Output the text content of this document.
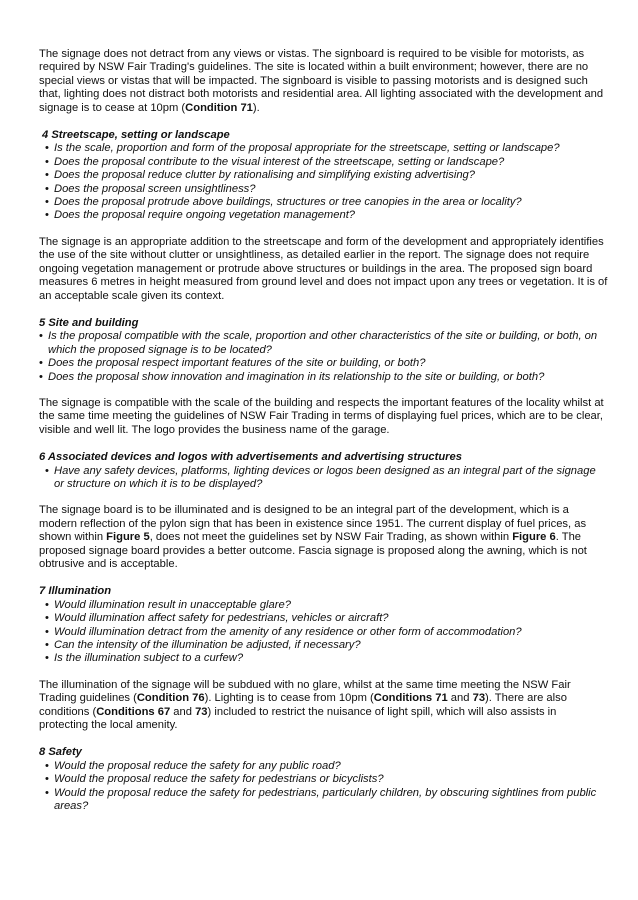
The signage does not detract from any views or vistas. The signboard is required to be visible for motorists, as required by NSW Fair Trading's guidelines. The site is located within a built environment; however, there are no special views or vistas that will be impacted. The signboard is visible to passing motorists and is designed such that, lighting does not distract both motorists and residential area. All lighting associated with the development and signage is to cease at 10pm (Condition 71).

4 Streetscape, setting or landscape

• Is the scale, proportion and form of the proposal appropriate for the streetscape, setting or landscape?
• Does the proposal contribute to the visual interest of the streetscape, setting or landscape?
• Does the proposal reduce clutter by rationalising and simplifying existing advertising?
• Does the proposal screen unsightliness?
• Does the proposal protrude above buildings, structures or tree canopies in the area or locality?
• Does the proposal require ongoing vegetation management?

The signage is an appropriate addition to the streetscape and form of the development and appropriately identifies the use of the site without clutter or unsightliness, as detailed earlier in the report. The signage does not require ongoing vegetation management or protrude above structures or buildings in the area. The proposed sign board measures 6 metres in height measured from ground level and does not impact upon any trees or vegetation. It is of an acceptable scale given its context.

5 Site and building

• Is the proposal compatible with the scale, proportion and other characteristics of the site or building, or both, on which the proposed signage is to be located?
• Does the proposal respect important features of the site or building, or both?
• Does the proposal show innovation and imagination in its relationship to the site or building, or both?

The signage is compatible with the scale of the building and respects the important features of the locality whilst at the same time meeting the guidelines of NSW Fair Trading in terms of displaying fuel prices, which are to be clear, visible and well lit. The logo provides the business name of the garage.

6 Associated devices and logos with advertisements and advertising structures

• Have any safety devices, platforms, lighting devices or logos been designed as an integral part of the signage or structure on which it is to be displayed?

The signage board is to be illuminated and is designed to be an integral part of the development, which is a modern reflection of the pylon sign that has been in existence since 1951. The current display of fuel prices, as shown within Figure 5, does not meet the guidelines set by NSW Fair Trading, as shown within Figure 6. The proposed signage board provides a better outcome. Fascia signage is proposed along the awning, which is not obtrusive and is acceptable.

7 Illumination

• Would illumination result in unacceptable glare?
• Would illumination affect safety for pedestrians, vehicles or aircraft?
• Would illumination detract from the amenity of any residence or other form of accommodation?
• Can the intensity of the illumination be adjusted, if necessary?
• Is the illumination subject to a curfew?

The illumination of the signage will be subdued with no glare, whilst at the same time meeting the NSW Fair Trading guidelines (Condition 76). Lighting is to cease from 10pm (Conditions 71 and 73). There are also conditions (Conditions 67 and 73) included to restrict the nuisance of light spill, which will also assists in protecting the local amenity.

8 Safety

• Would the proposal reduce the safety for any public road?
• Would the proposal reduce the safety for pedestrians or bicyclists?
• Would the proposal reduce the safety for pedestrians, particularly children, by obscuring sightlines from public areas?
